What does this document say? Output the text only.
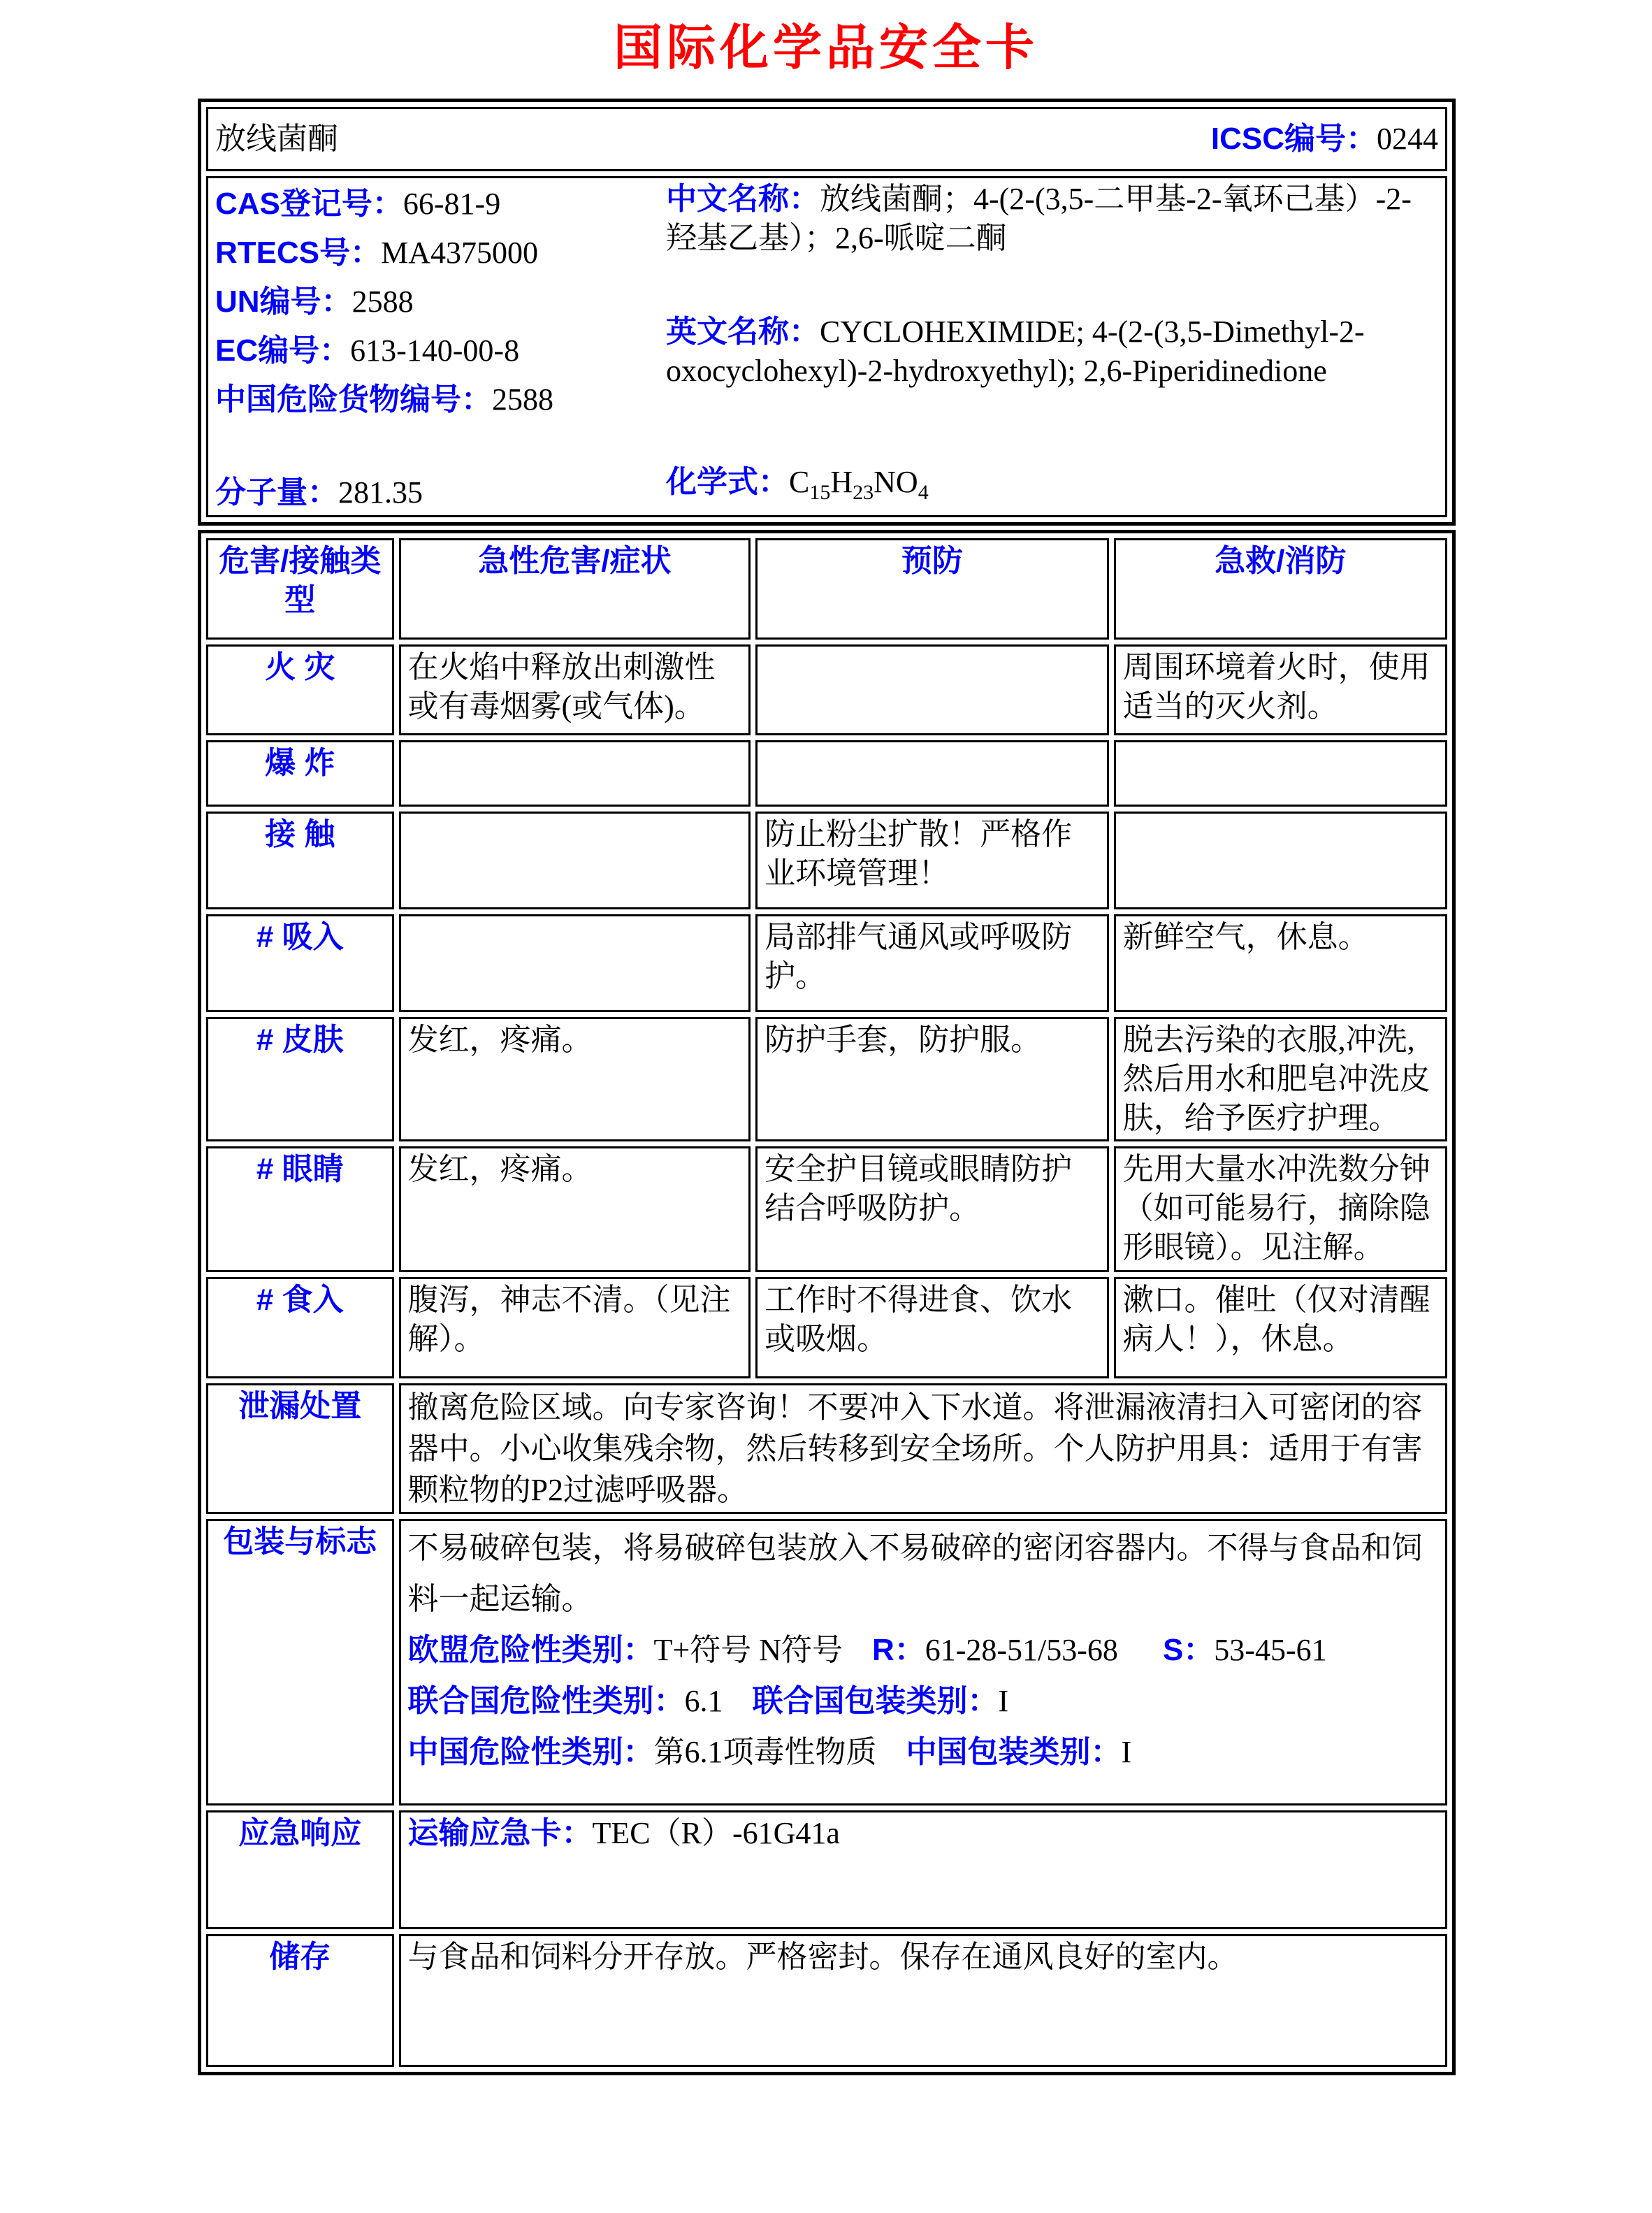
国际化学品安全卡
放线菌酮	ICSC编号：0244

CAS登记号：66-81-9
RTECS号：MA4375000
UN编号：2588
EC编号：613-140-00-8
中国危险货物编号：2588
分子量：281.35
中文名称：放线菌酮；4-(2-(3,5-二甲基-2-氧环己基）-2-羟基乙基）；2,6-哌啶二酮
英文名称：CYCLOHEXIMIDE; 4-(2-(3,5-Dimethyl-2-oxocyclohexyl)-2-hydroxyethyl); 2,6-Piperidinedione
化学式：$C_{15}H_{23}NO_4$
危害/接触类型	急性危害/症状	预防	急救/消防
火 灾	在火焰中释放出刺激性或有毒烟雾(或气体)。		周围环境着火时，使用适当的灭火剂。
爆 炸			
接 触		防止粉尘扩散！严格作业环境管理！	
# 吸入		局部排气通风或呼吸防护。	新鲜空气，休息。
# 皮肤	发红，疼痛。	防护手套，防护服。	脱去污染的衣服,冲洗,然后用水和肥皂冲洗皮肤，给予医疗护理。
# 眼睛	发红，疼痛。	安全护目镜或眼睛防护结合呼吸防护。	先用大量水冲洗数分钟（如可能易行，摘除隐形眼镜）。见注解。
# 食入	腹泻，神志不清。（见注解）。	工作时不得进食、饮水或吸烟。	漱口。催吐（仅对清醒病人！），休息。
泄漏处置	撤离危险区域。向专家咨询！不要冲入下水道。将泄漏液清扫入可密闭的容器中。小心收集残余物，然后转移到安全场所。个人防护用具：适用于有害颗粒物的P2过滤呼吸器。		

包装与标志	不易破碎包装，将易破碎包装放入不易破碎的密闭容器内。不得与食品和饲料一起运输。
欧盟危险性类别：T+符号 N符号 R：61-28-51/53-68 S：53-45-61
联合国危险性类别：6.1 联合国包装类别：I
中国危险性类别：第6.1项毒性物质 中国包装类别：I		

应急响应	运输应急卡：TEC（R）-61G41a		
储存	与食品和饲料分开存放。严格密封。保存在通风良好的室内。		
